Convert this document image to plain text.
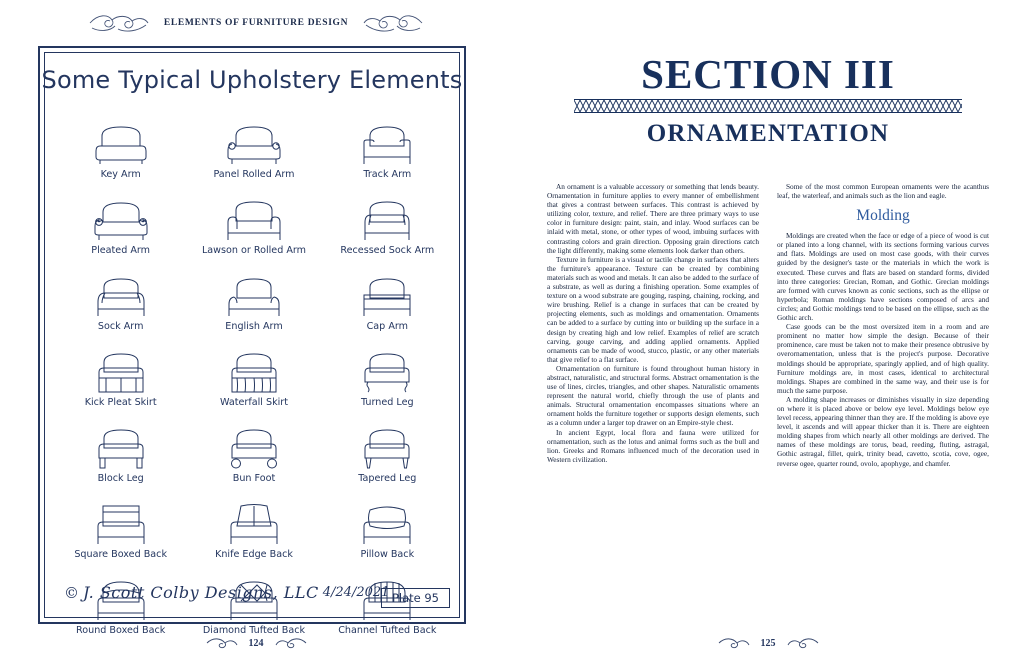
ELEMENTS OF FURNITURE DESIGN
Some Typical Upholstery Elements
Key Arm	Panel Rolled Arm	Track Arm
Pleated Arm	Lawson or Rolled Arm	Recessed Sock Arm
Sock Arm	English Arm	Cap Arm
Kick Pleat Skirt	Waterfall Skirt	Turned Leg
Block Leg	Bun Foot	Tapered Leg
Square Boxed Back	Knife Edge Back	Pillow Back
Round Boxed Back	Diamond Tufted Back	Channel Tufted Back
© J. Scott Colby Designs, LLC 4/24/2021 Plate 95
124
SECTION III
ORNAMENTATION

An ornament is a valuable accessory or something that lends beauty. Ornamentation in furniture applies to every manner of embellishment that gives a contrast between surfaces. This contrast is achieved by utilizing color, texture, and relief. There are three primary ways to use color in furniture design: paint, stain, and inlay. Wood surfaces can be inlaid with metal, stone, or other types of wood, imbuing surfaces with contrasting colors and grain direction. Opposing grain directions catch the light differently, making some elements look darker than others.

Texture in furniture is a visual or tactile change in surfaces that alters the furniture's appearance. Texture can be created by combining materials such as wood and metals. It can also be added to the surface of a substrate, as well as during a finishing operation. Some examples of texture on a wood substrate are gouging, rasping, chaining, rocking, and wire brushing. Relief is a change in surfaces that can be created by projecting elements, such as moldings and ornamentation. Ornaments can be added to a surface by cutting into or building up the surface in a design by creating high and low relief. Examples of relief are scratch carving, gouge carving, and adding applied ornaments. Applied ornaments can be made of wood, stucco, plastic, or any other materials that give relief to a flat surface.

Ornamentation on furniture is found throughout human history in abstract, naturalistic, and structural forms. Abstract ornamentation is the use of lines, circles, triangles, and other shapes. Naturalistic ornaments represent the natural world, chiefly through the use of plants and animals. Structural ornamentation encompasses situations where an ornament holds the furniture together or supports design elements, such as a column under a larger top drawer on an Empire-style chest.

In ancient Egypt, local flora and fauna were utilized for ornamentation, such as the lotus and animal forms such as the bull and lion. Greeks and Romans influenced much of the decoration used in Western civilization.

Some of the most common European ornaments were the acanthus leaf, the waterleaf, and animals such as the lion and eagle.

Molding

Moldings are created when the face or edge of a piece of wood is cut or planed into a long channel, with its sections forming various curves and flats. Moldings are used on most case goods, with their curves guided by the designer's taste or the materials in which the work is executed. These curves and flats are based on standard forms, divided into three categories: Grecian, Roman, and Gothic. Grecian moldings are formed with curves known as conic sections, such as the ellipse or hyperbola; Roman moldings have sections composed of arcs and circles; and Gothic moldings tend to be based on the ellipse, such as the Gothic arch.

Case goods can be the most oversized item in a room and are prominent no matter how simple the design. Because of their prominence, care must be taken not to make their presence obtrusive by overornamentation, unless that is the project's purpose. Decorative moldings should be appropriate, sparingly applied, and of high quality. Furniture moldings are, in most cases, identical to architectural moldings. Shapes are combined in the same way, and their use is for much the same purpose.

A molding shape increases or diminishes visually in size depending on where it is placed above or below eye level. Moldings below eye level recess, appearing thinner than they are. If the molding is above eye level, it ascends and will appear thicker than it is. There are eighteen molding shapes from which nearly all other moldings are derived. The names of these moldings are torus, bead, reeding, fluting, astragal, Gothic astragal, fillet, quirk, trinity bead, cavetto, scotia, cove, ogee, reverse ogee, quarter round, ovolo, apophyge, and chamfer.

125
